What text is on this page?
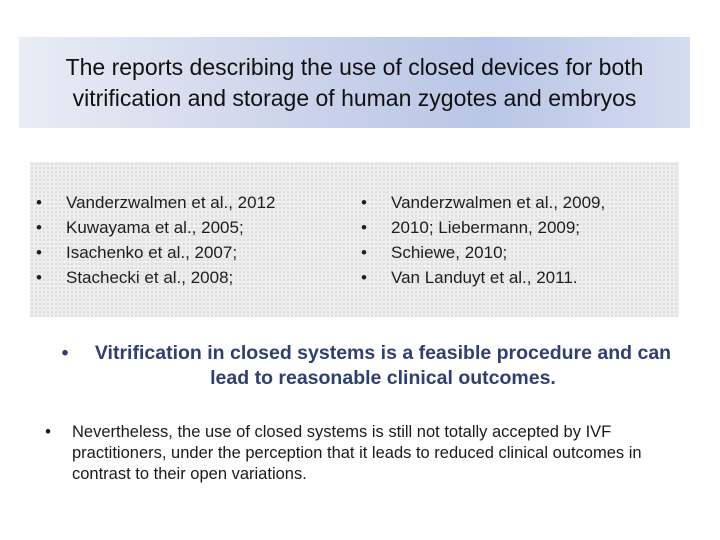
The reports describing the use of closed devices for both vitrification and storage of human zygotes and embryos

•	Vanderzwalmen et al., 2012
•	Kuwayama et al., 2005;
•	Isachenko et al., 2007;
•	Stachecki et al., 2008;
•	Vanderzwalmen et al., 2009,
•	2010; Liebermann, 2009;
•	Schiewe, 2010;
•	Van Landuyt et al., 2011.
•	Vitrification in closed systems is a feasible procedure and can lead to reasonable clinical outcomes.
•	Nevertheless, the use of closed systems is still not totally accepted by IVF practitioners, under the perception that it leads to reduced clinical outcomes in contrast to their open variations.
